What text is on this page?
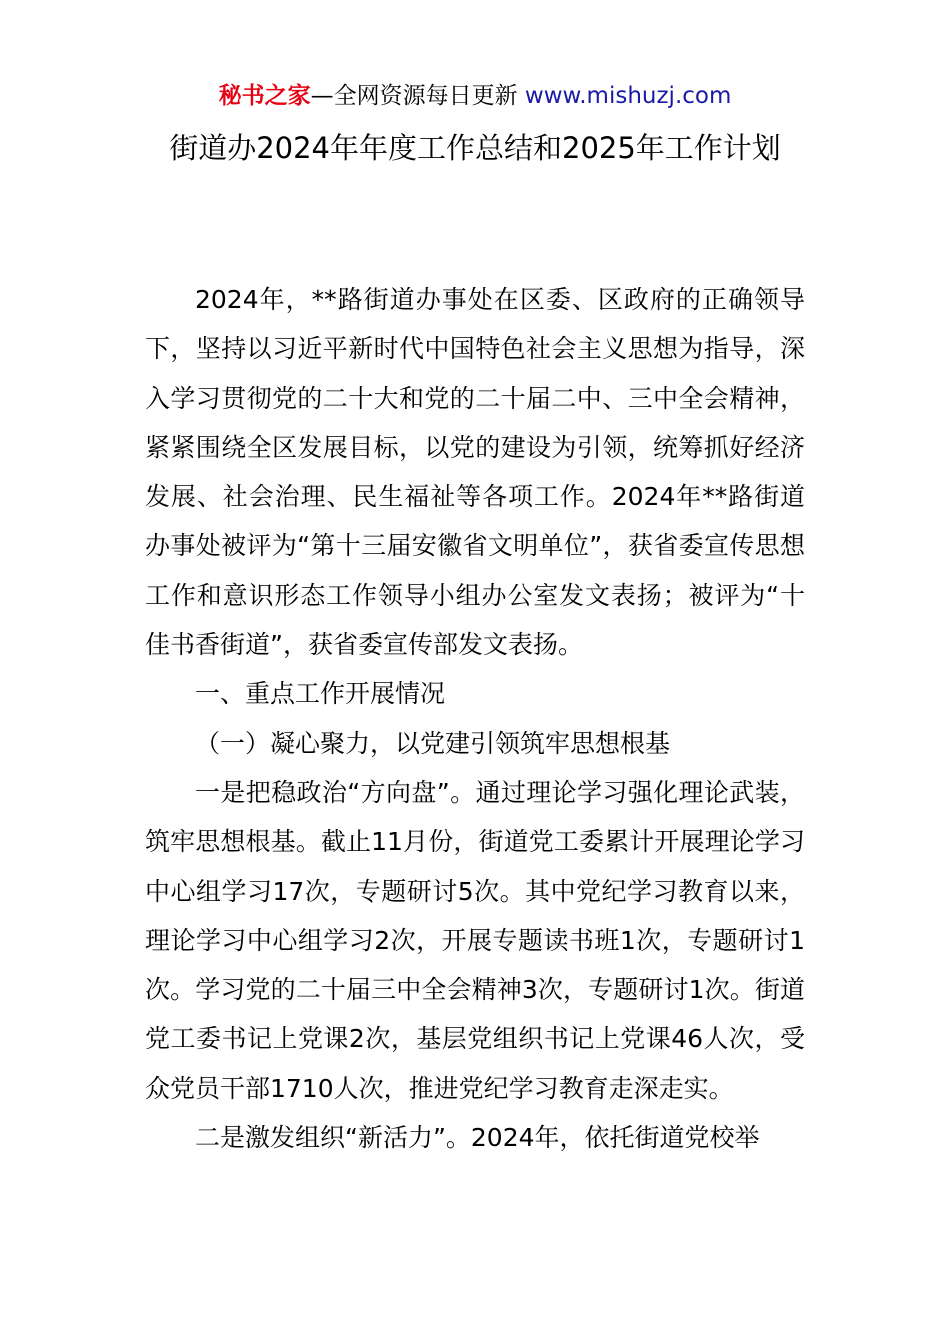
秘书之家—全网资源每日更新 www.mishuzj.com
街道办2024年年度工作总结和2025年工作计划

2024年，**路街道办事处在区委、区政府的正确领导下，坚持以习近平新时代中国特色社会主义思想为指导，深入学习贯彻党的二十大和党的二十届二中、三中全会精神，紧紧围绕全区发展目标，以党的建设为引领，统筹抓好经济发展、社会治理、民生福祉等各项工作。2024年**路街道办事处被评为“第十三届安徽省文明单位”，获省委宣传思想工作和意识形态工作领导小组办公室发文表扬；被评为“十佳书香街道”，获省委宣传部发文表扬。

一、重点工作开展情况

（一）凝心聚力，以党建引领筑牢思想根基

一是把稳政治“方向盘”。通过理论学习强化理论武装，筑牢思想根基。截止11月份，街道党工委累计开展理论学习中心组学习17次，专题研讨5次。其中党纪学习教育以来，理论学习中心组学习2次，开展专题读书班1次，专题研讨1次。学习党的二十届三中全会精神3次，专题研讨1次。街道党工委书记上党课2次，基层党组织书记上党课46人次，受众党员干部1710人次，推进党纪学习教育走深走实。

二是激发组织“新活力”。2024年，依托街道党校举
